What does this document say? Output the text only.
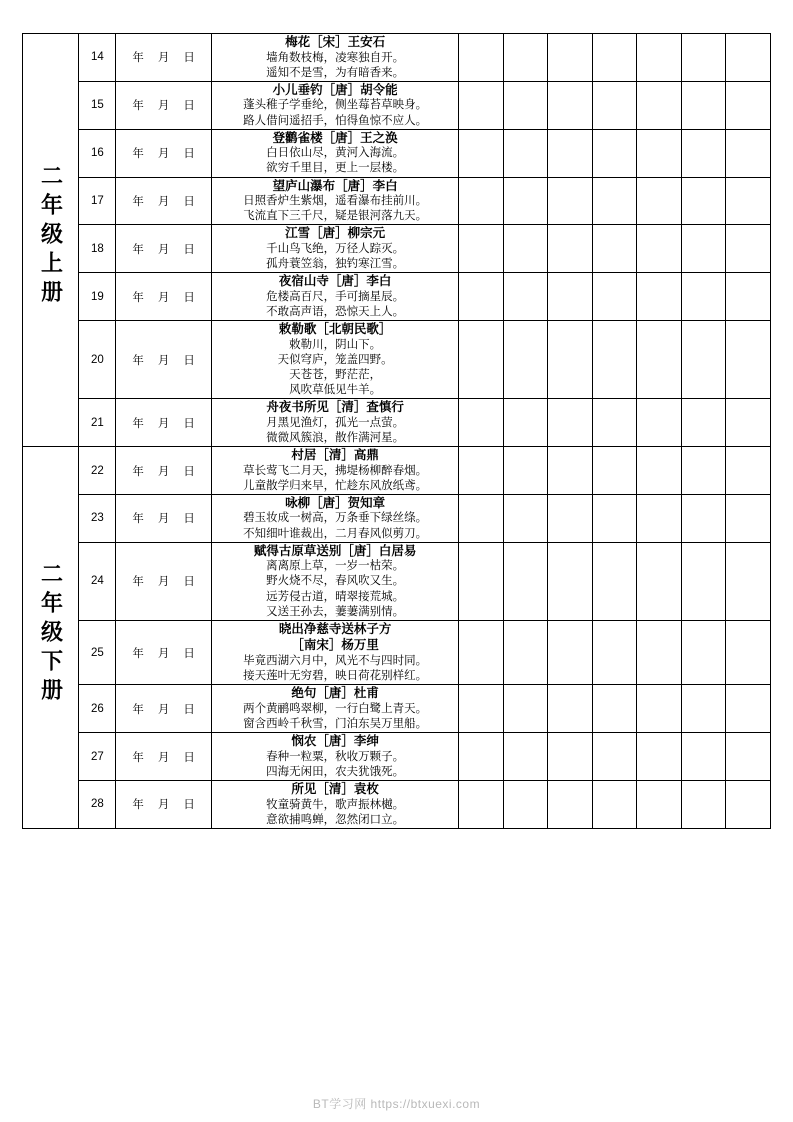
二年级上册	14	年 月 日	梅花［宋］王安石
墙角数枝梅，凌寒独自开。
遥知不是雪，为有暗香来。							

	15	年 月 日	小儿垂钓［唐］胡令能
蓬头稚子学垂纶，侧坐莓苔草映身。
路人借问遥招手，怕得鱼惊不应人。							

	16	年 月 日	登鹳雀楼［唐］王之涣
白日依山尽，黄河入海流。
欲穷千里目，更上一层楼。							

	17	年 月 日	望庐山瀑布［唐］李白
日照香炉生紫烟，遥看瀑布挂前川。
飞流直下三千尺，疑是银河落九天。							

	18	年 月 日	江雪［唐］柳宗元
千山鸟飞绝，万径人踪灭。
孤舟蓑笠翁，独钓寒江雪。							

	19	年 月 日	夜宿山寺［唐］李白
危楼高百尺，手可摘星辰。
不敢高声语，恐惊天上人。							

	20	年 月 日	敕勒歌［北朝民歌］
敕勒川，阴山下。
天似穹庐，笼盖四野。
天苍苍，野茫茫，
风吹草低见牛羊。							

	21	年 月 日	舟夜书所见［清］查慎行
月黑见渔灯，孤光一点萤。
微微风簇浪，散作满河星。							

二年级下册	22	年 月 日	村居［清］高鼎
草长莺飞二月天，拂堤杨柳醉春烟。
儿童散学归来早，忙趁东风放纸鸢。							

	23	年 月 日	咏柳［唐］贺知章
碧玉妆成一树高，万条垂下绿丝绦。
不知细叶谁裁出，二月春风似剪刀。							

	24	年 月 日	赋得古原草送别［唐］白居易
离离原上草，一岁一枯荣。
野火烧不尽，春风吹又生。
远芳侵古道，晴翠接荒城。
又送王孙去，萋萋满别情。							

	25	年 月 日	晓出净慈寺送林子方
［南宋］杨万里
毕竟西湖六月中，风光不与四时同。
接天莲叶无穷碧，映日荷花别样红。							

	26	年 月 日	绝句［唐］杜甫
两个黄鹂鸣翠柳，一行白鹭上青天。
窗含西岭千秋雪，门泊东吴万里船。							

	27	年 月 日	悯农［唐］李绅
春种一粒粟，秋收万颗子。
四海无闲田，农夫犹饿死。							

	28	年 月 日	所见［清］袁枚
牧童骑黄牛，歌声振林樾。
意欲捕鸣蝉，忽然闭口立。							

BT学习网 https://btxuexi.com
